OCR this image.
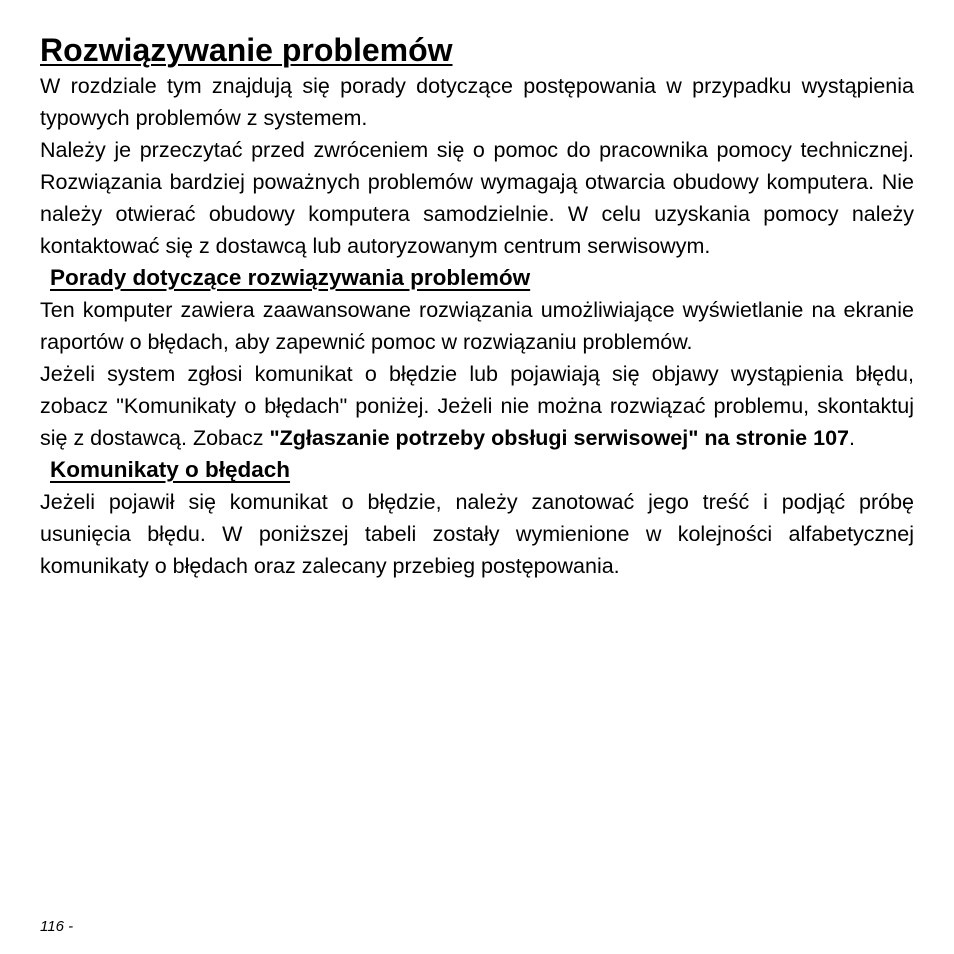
Rozwiązywanie problemów

W rozdziale tym znajdują się porady dotyczące postępowania w przypadku wystąpienia typowych problemów z systemem.

Należy je przeczytać przed zwróceniem się o pomoc do pracownika pomocy technicznej. Rozwiązania bardziej poważnych problemów wymagają otwarcia obudowy komputera. Nie należy otwierać obudowy komputera samodzielnie. W celu uzyskania pomocy należy kontaktować się z dostawcą lub autoryzowanym centrum serwisowym.

Porady dotyczące rozwiązywania problemów

Ten komputer zawiera zaawansowane rozwiązania umożliwiające wyświetlanie na ekranie raportów o błędach, aby zapewnić pomoc w rozwiązaniu problemów.

Jeżeli system zgłosi komunikat o błędzie lub pojawiają się objawy wystąpienia błędu, zobacz "Komunikaty o błędach" poniżej. Jeżeli nie można rozwiązać problemu, skontaktuj się z dostawcą. Zobacz "Zgłaszanie potrzeby obsługi serwisowej" na stronie 107.

Komunikaty o błędach

Jeżeli pojawił się komunikat o błędzie, należy zanotować jego treść i podjąć próbę usunięcia błędu. W poniższej tabeli zostały wymienione w kolejności alfabetycznej komunikaty o błędach oraz zalecany przebieg postępowania.

116 -
